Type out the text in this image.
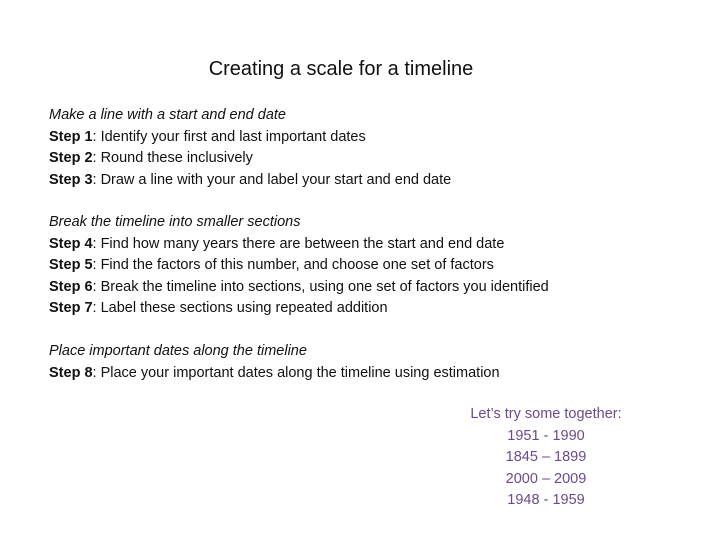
Creating a scale for a timeline
Make a line with a start and end date
Step 1: Identify your first and last important dates
Step 2: Round these inclusively
Step 3: Draw a line with your and label your start and end date
Break the timeline into smaller sections
Step 4: Find how many years there are between the start and end date
Step 5: Find the factors of this number, and choose one set of factors
Step 6: Break the timeline into sections, using one set of factors you identified
Step 7: Label these sections using repeated addition
Place important dates along the timeline
Step 8: Place your important dates along the timeline using estimation
Let’s try some together:
1951 - 1990
1845 – 1899
2000 – 2009
1948 - 1959
